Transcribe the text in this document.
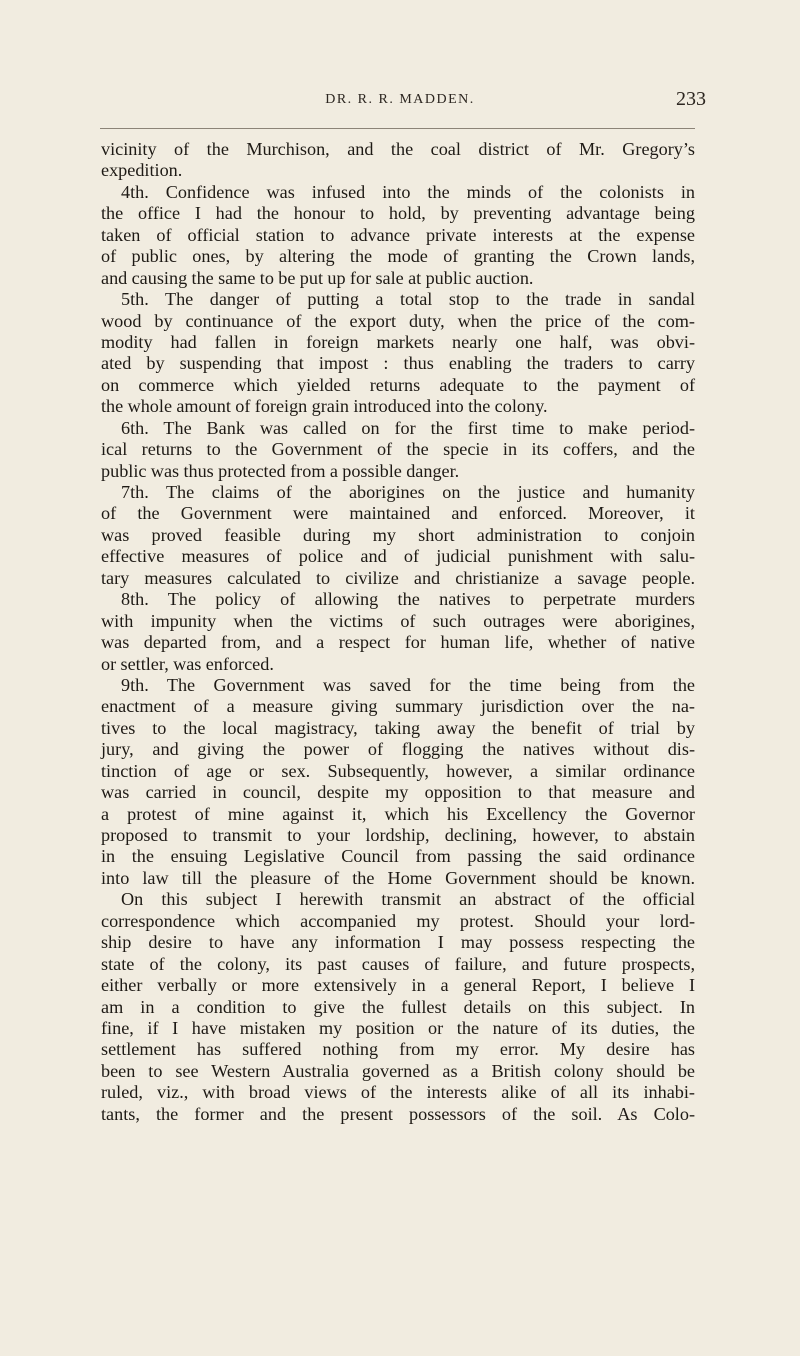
DR. R. R. MADDEN.	233
vicinity of the Murchison, and the coal district of Mr. Gregory’s
expedition.
4th. Confidence was infused into the minds of the colonists in
the office I had the honour to hold, by preventing advantage being
taken of official station to advance private interests at the expense
of public ones, by altering the mode of granting the Crown lands,
and causing the same to be put up for sale at public auction.
5th. The danger of putting a total stop to the trade in sandal
wood by continuance of the export duty, when the price of the com-
modity had fallen in foreign markets nearly one half, was obvi-
ated by suspending that impost : thus enabling the traders to carry
on commerce which yielded returns adequate to the payment of
the whole amount of foreign grain introduced into the colony.
6th. The Bank was called on for the first time to make period-
ical returns to the Government of the specie in its coffers, and the
public was thus protected from a possible danger.
7th. The claims of the aborigines on the justice and humanity
of the Government were maintained and enforced. Moreover, it
was proved feasible during my short administration to conjoin
effective measures of police and of judicial punishment with salu-
tary measures calculated to civilize and christianize a savage people.
8th. The policy of allowing the natives to perpetrate murders
with impunity when the victims of such outrages were aborigines,
was departed from, and a respect for human life, whether of native
or settler, was enforced.
9th. The Government was saved for the time being from the
enactment of a measure giving summary jurisdiction over the na-
tives to the local magistracy, taking away the benefit of trial by
jury, and giving the power of flogging the natives without dis-
tinction of age or sex. Subsequently, however, a similar ordinance
was carried in council, despite my opposition to that measure and
a protest of mine against it, which his Excellency the Governor
proposed to transmit to your lordship, declining, however, to abstain
in the ensuing Legislative Council from passing the said ordinance
into law till the pleasure of the Home Government should be known.
On this subject I herewith transmit an abstract of the official
correspondence which accompanied my protest. Should your lord-
ship desire to have any information I may possess respecting the
state of the colony, its past causes of failure, and future prospects,
either verbally or more extensively in a general Report, I believe I
am in a condition to give the fullest details on this subject. In
fine, if I have mistaken my position or the nature of its duties, the
settlement has suffered nothing from my error. My desire has
been to see Western Australia governed as a British colony should be
ruled, viz., with broad views of the interests alike of all its inhabi-
tants, the former and the present possessors of the soil. As Colo-
